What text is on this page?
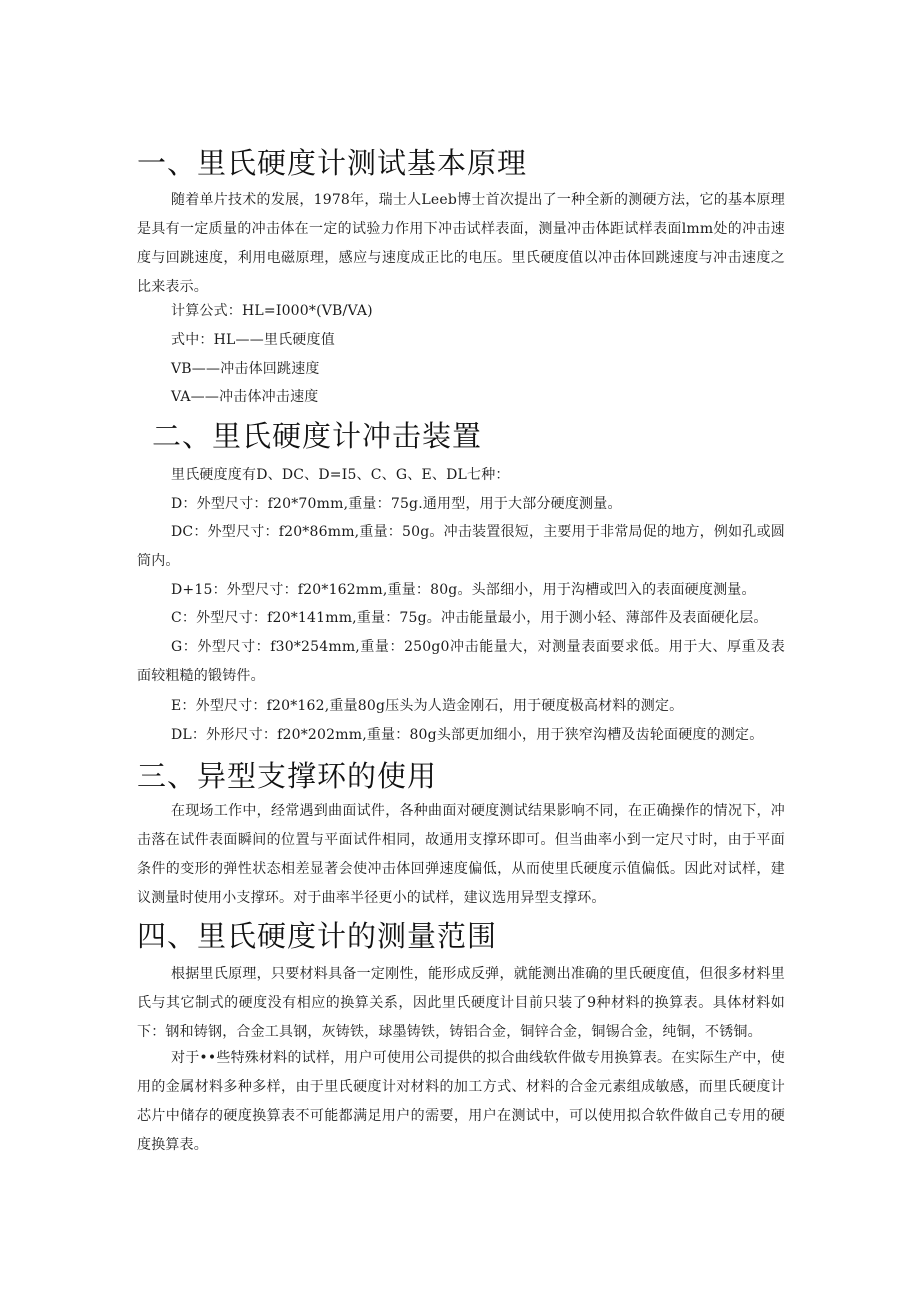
一、里氏硬度计测试基本原理

随着单片技术的发展，1978年，瑞士人Leeb博士首次提出了一种全新的测硬方法，它的基本原理是具有一定质量的冲击体在一定的试验力作用下冲击试样表面，测量冲击体距试样表面lmm处的冲击速度与回跳速度，利用电磁原理，感应与速度成正比的电压。里氏硬度值以冲击体回跳速度与冲击速度之比来表示。

计算公式：HL=I000*(VB/VA)

式中：HL——里氏硬度值

VB——冲击体回跳速度

VA——冲击体冲击速度

二、里氏硬度计冲击装置

里氏硬度度有D、DC、D=I5、C、G、E、DL七种：

D：外型尺寸：f20*70mm,重量：75g.通用型，用于大部分硬度测量。

DC：外型尺寸：f20*86mm,重量：50g。冲击装置很短，主要用于非常局促的地方，例如孔或圆筒内。

D+15：外型尺寸：f20*162mm,重量：80g。头部细小，用于沟槽或凹入的表面硬度测量。

C：外型尺寸：f20*141mm,重量：75g。冲击能量最小，用于测小轻、薄部件及表面硬化层。

G：外型尺寸：f30*254mm,重量：250g0冲击能量大，对测量表面要求低。用于大、厚重及表面较粗糙的锻铸件。

E：外型尺寸：f20*162,重量80g压头为人造金刚石，用于硬度极高材料的测定。

DL：外形尺寸：f20*202mm,重量：80g头部更加细小，用于狭窄沟槽及齿轮面硬度的测定。

三、异型支撑环的使用

在现场工作中，经常遇到曲面试件，各种曲面对硬度测试结果影响不同，在正确操作的情况下，冲击落在试件表面瞬间的位置与平面试件相同，故通用支撑环即可。但当曲率小到一定尺寸时，由于平面条件的变形的弹性状态相差显著会使冲击体回弹速度偏低，从而使里氏硬度示值偏低。因此对试样，建议测量时使用小支撑环。对于曲率半径更小的试样，建议选用异型支撑环。

四、里氏硬度计的测量范围

根据里氏原理，只要材料具备一定刚性，能形成反弹，就能测出准确的里氏硬度值，但很多材料里氏与其它制式的硬度没有相应的换算关系，因此里氏硬度计目前只装了9种材料的换算表。具体材料如下：钢和铸钢，合金工具钢，灰铸铁，球墨铸铁，铸铝合金，铜锌合金，铜锡合金，纯铜，不锈铜。

对于••些特殊材料的试样，用户可使用公司提供的拟合曲线软件做专用换算表。在实际生产中，使用的金属材料多种多样，由于里氏硬度计对材料的加工方式、材料的合金元素组成敏感，而里氏硬度计芯片中储存的硬度换算表不可能都满足用户的需要，用户在测试中，可以使用拟合软件做自己专用的硬度换算表。
